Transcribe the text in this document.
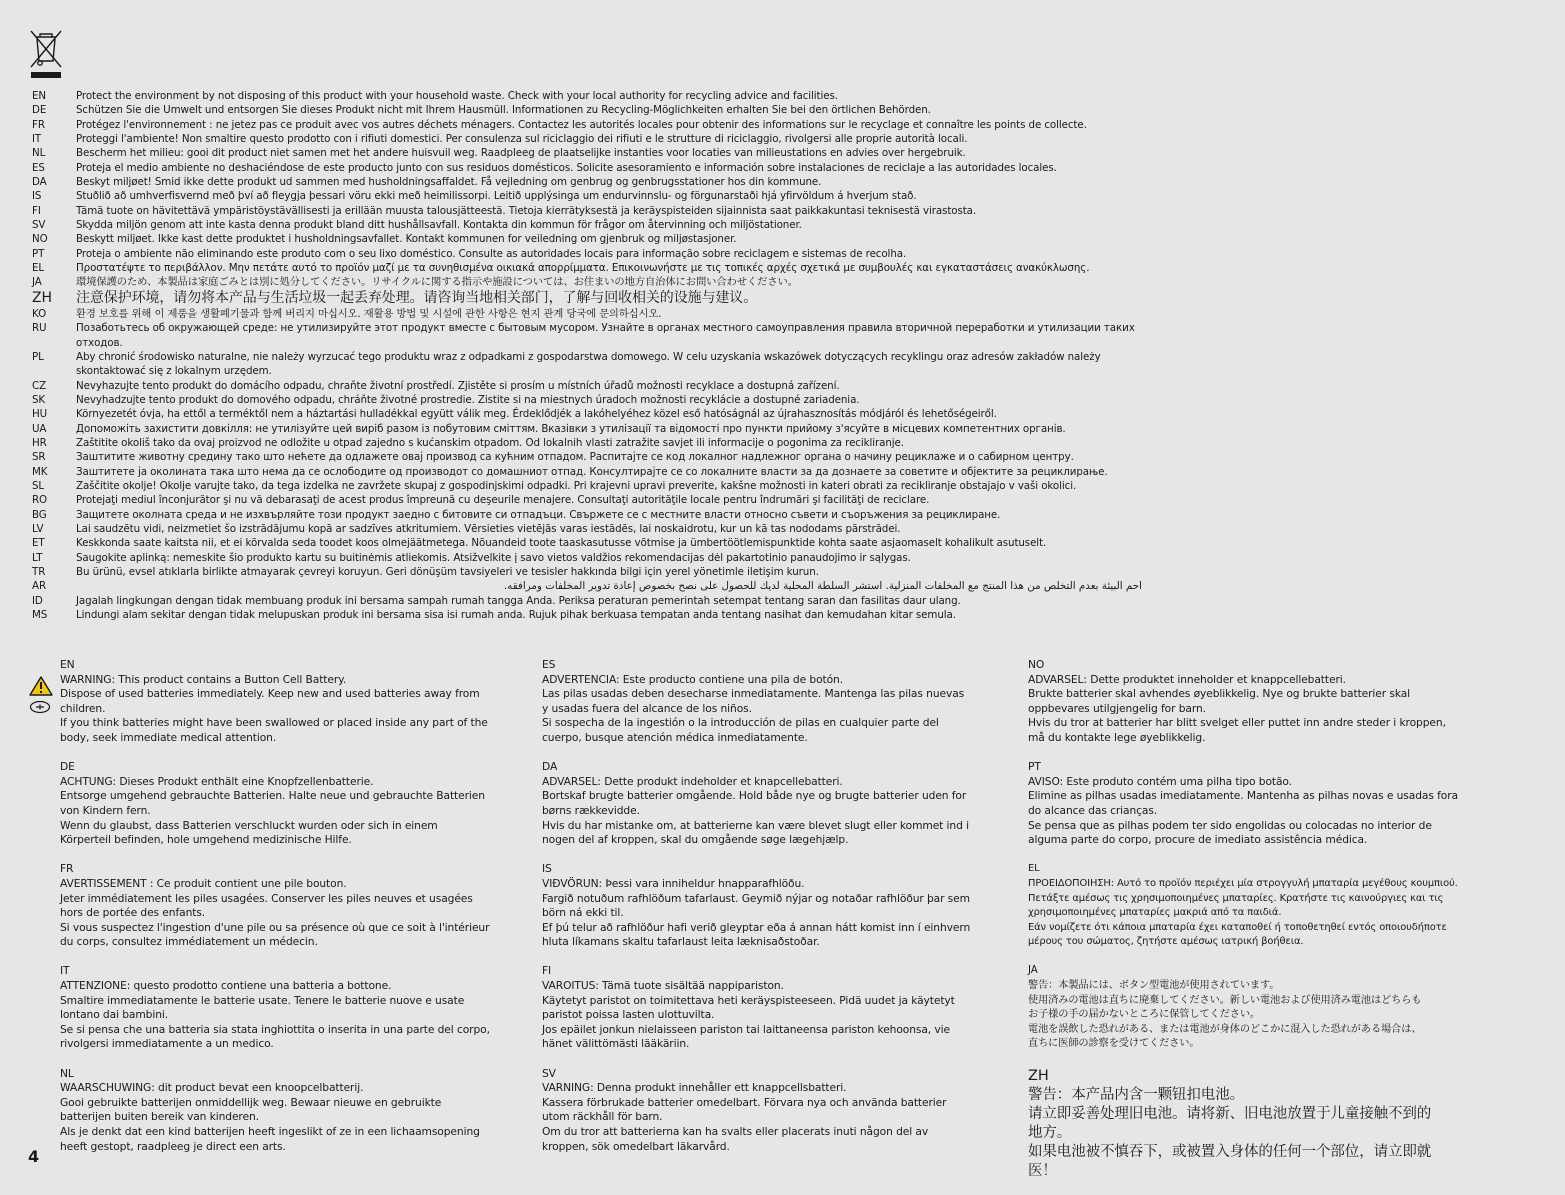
EN	Protect the environment by not disposing of this product with your household waste. Check with your local authority for recycling advice and facilities.
DE	Schützen Sie die Umwelt und entsorgen Sie dieses Produkt nicht mit Ihrem Hausmüll. Informationen zu Recycling-Möglichkeiten erhalten Sie bei den örtlichen Behörden.
FR	Protégez l'environnement : ne jetez pas ce produit avec vos autres déchets ménagers. Contactez les autorités locales pour obtenir des informations sur le recyclage et connaître les points de collecte.
IT	Proteggi l'ambiente! Non smaltire questo prodotto con i rifiuti domestici. Per consulenza sul riciclaggio dei rifiuti e le strutture di riciclaggio, rivolgersi alle proprie autorità locali.
NL	Bescherm het milieu: gooi dit product niet samen met het andere huisvuil weg. Raadpleeg de plaatselijke instanties voor locaties van milieustations en advies over hergebruik.
ES	Proteja el medio ambiente no deshaciéndose de este producto junto con sus residuos domésticos. Solicite asesoramiento e información sobre instalaciones de reciclaje a las autoridades locales.
DA	Beskyt miljøet! Smid ikke dette produkt ud sammen med husholdningsaffaldet. Få vejledning om genbrug og genbrugsstationer hos din kommune.
IS	Stuðlið að umhverfisvernd með því að fleygja þessari vöru ekki með heimilissorpi. Leitið upplýsinga um endurvinnslu- og förgunarstaði hjá yfirvöldum á hverjum stað.
FI	Tämä tuote on hävitettävä ympäristöystävällisesti ja erillään muusta talousjätteestä. Tietoja kierrätyksestä ja keräyspisteiden sijainnista saat paikkakuntasi teknisestä virastosta.
SV	Skydda miljön genom att inte kasta denna produkt bland ditt hushållsavfall. Kontakta din kommun för frågor om återvinning och miljöstationer.
NO	Beskytt miljøet. Ikke kast dette produktet i husholdningsavfallet. Kontakt kommunen for veiledning om gjenbruk og miljøstasjoner.
PT	Proteja o ambiente não eliminando este produto com o seu lixo doméstico. Consulte as autoridades locais para informação sobre reciclagem e sistemas de recolha.
EL	Προστατέψτε το περιβάλλον. Μην πετάτε αυτό το προϊόν μαζί με τα συνηθισμένα οικιακά απορρίμματα. Επικοινωνήστε με τις τοπικές αρχές σχετικά με συμβουλές και εγκαταστάσεις ανακύκλωσης.
JA	環境保護のため、本製品は家庭ごみとは別に処分してください。リサイクルに関する指示や施設については、お住まいの地方自治体にお問い合わせください。
ZH	注意保护环境，请勿将本产品与生活垃圾一起丢弃处理。请咨询当地相关部门，了解与回收相关的设施与建议。
KO	환경 보호를 위해 이 제품을 생활폐기물과 함께 버리지 마십시오. 재활용 방법 및 시설에 관한 사항은 현지 관계 당국에 문의하십시오.
RU	Позаботьтесь об окружающей среде: не утилизируйте этот продукт вместе с бытовым мусором. Узнайте в органах местного самоуправления правила вторичной переработки и утилизации таких отходов.
PL	Aby chronić środowisko naturalne, nie należy wyrzucać tego produktu wraz z odpadkami z gospodarstwa domowego. W celu uzyskania wskazówek dotyczących recyklingu oraz adresów zakładów należy skontaktować się z lokalnym urzędem.
CZ	Nevyhazujte tento produkt do domácího odpadu, chraňte životní prostředí. Zjistěte si prosím u místních úřadů možnosti recyklace a dostupná zařízení.
SK	Nevyhadzujte tento produkt do domového odpadu, chráňte životné prostredie. Zistite si na miestnych úradoch možnosti recyklácie a dostupné zariadenia.
HU	Környezetét óvja, ha ettől a terméktől nem a háztartási hulladékkal együtt válik meg. Érdeklődjék a lakóhelyéhez közel eső hatóságnál az újrahasznosítás módjáról és lehetőségeiről.
UA	Допоможіть захистити довкілля: не утилізуйте цей виріб разом із побутовим сміттям. Вказівки з утилізації та відомості про пункти прийому з'ясуйте в місцевих компетентних органів.
HR	Zaštitite okoliš tako da ovaj proizvod ne odložite u otpad zajedno s kućanskim otpadom. Od lokalnih vlasti zatražite savjet ili informacije o pogonima za recikliranje.
SR	Заштитите животну средину тако што нећете да одлажете овај производ са кућним отпадом. Распитајте се код локалног надлежног органа о начину рециклаже и о сабирном центру.
MK	Заштитете ја околината така што нема да се ослободите од производот со домашниот отпад. Консултирајте се со локалните власти за да дознаете за советите и објектите за рециклирање.
SL	Zaščitite okolje! Okolje varujte tako, da tega izdelka ne zavržete skupaj z gospodinjskimi odpadki. Pri krajevni upravi preverite, kakšne možnosti in kateri obrati za recikliranje obstajajo v vaši okolici.
RO	Protejaţi mediul înconjurător şi nu vă debarasaţi de acest produs împreună cu deşeurile menajere. Consultaţi autorităţile locale pentru îndrumări şi facilităţi de reciclare.
BG	Защитете околната среда и не изхвърляйте този продукт заедно с битовите си отпадъци. Свържете се с местните власти относно съвети и съоръжения за рециклиране.
LV	Lai saudzētu vidi, neizmetiet šo izstrādājumu kopā ar sadzīves atkritumiem. Vērsieties vietējās varas iestādēs, lai noskaidrotu, kur un kā tas nododams pārstrādei.
ET	Keskkonda saate kaitsta nii, et ei kõrvalda seda toodet koos olmejäätmetega. Nõuandeid toote taaskasutusse võtmise ja ümbertöötlemispunktide kohta saate asjaomaselt kohalikult asutuselt.
LT	Saugokite aplinką: nemeskite šio produkto kartu su buitinėmis atliekomis. Atsižvelkite į savo vietos valdžios rekomendacijas dėl pakartotinio panaudojimo ir sąlygas.
TR	Bu ürünü, evsel atıklarla birlikte atmayarak çevreyi koruyun. Geri dönüşüm tavsiyeleri ve tesisler hakkında bilgi için yerel yönetimle iletişim kurun.
AR	احم البيئة بعدم التخلص من هذا المنتج مع المخلفات المنزلية. استشر السلطة المحلية لديك للحصول على نصح بخصوص إعادة تدوير المخلفات ومرافقه.
ID	Jagalah lingkungan dengan tidak membuang produk ini bersama sampah rumah tangga Anda. Periksa peraturan pemerintah setempat tentang saran dan fasilitas daur ulang.
MS	Lindungi alam sekitar dengan tidak melupuskan produk ini bersama sisa isi rumah anda. Rujuk pihak berkuasa tempatan anda tentang nasihat dan kemudahan kitar semula.
EN
WARNING: This product contains a Button Cell Battery.
Dispose of used batteries immediately. Keep new and used batteries away from
children.
If you think batteries might have been swallowed or placed inside any part of the
body, seek immediate medical attention.
DE
ACHTUNG: Dieses Produkt enthält eine Knopfzellenbatterie.
Entsorge umgehend gebrauchte Batterien. Halte neue und gebrauchte Batterien
von Kindern fern.
Wenn du glaubst, dass Batterien verschluckt wurden oder sich in einem
Körperteil befinden, hole umgehend medizinische Hilfe.
FR
AVERTISSEMENT : Ce produit contient une pile bouton.
Jeter immédiatement les piles usagées. Conserver les piles neuves et usagées
hors de portée des enfants.
Si vous suspectez l'ingestion d'une pile ou sa présence où que ce soit à l'intérieur
du corps, consultez immédiatement un médecin.
IT
ATTENZIONE: questo prodotto contiene una batteria a bottone.
Smaltire immediatamente le batterie usate. Tenere le batterie nuove e usate
lontano dai bambini.
Se si pensa che una batteria sia stata inghiottita o inserita in una parte del corpo,
rivolgersi immediatamente a un medico.
NL
WAARSCHUWING: dit product bevat een knoopcelbatterij.
Gooi gebruikte batterijen onmiddellijk weg. Bewaar nieuwe en gebruikte
batterijen buiten bereik van kinderen.
Als je denkt dat een kind batterijen heeft ingeslikt of ze in een lichaamsopening
heeft gestopt, raadpleeg je direct een arts.
ES
ADVERTENCIA: Este producto contiene una pila de botón.
Las pilas usadas deben desecharse inmediatamente. Mantenga las pilas nuevas
y usadas fuera del alcance de los niños.
Si sospecha de la ingestión o la introducción de pilas en cualquier parte del
cuerpo, busque atención médica inmediatamente.
DA
ADVARSEL: Dette produkt indeholder et knapcellebatteri.
Bortskaf brugte batterier omgående. Hold både nye og brugte batterier uden for
børns rækkevidde.
Hvis du har mistanke om, at batterierne kan være blevet slugt eller kommet ind i
nogen del af kroppen, skal du omgående søge lægehjælp.
IS
VIÐVÖRUN: Þessi vara inniheldur hnapparafhlöðu.
Fargið notuðum rafhlöðum tafarlaust. Geymið nýjar og notaðar rafhlöður þar sem
börn ná ekki til.
Ef þú telur að rafhlöður hafi verið gleyptar eða á annan hátt komist inn í einhvern
hluta líkamans skaltu tafarlaust leita læknisaðstoðar.
FI
VAROITUS: Tämä tuote sisältää nappipariston.
Käytetyt paristot on toimitettava heti keräyspisteeseen. Pidä uudet ja käytetyt
paristot poissa lasten ulottuvilta.
Jos epäilet jonkun nielaisseen pariston tai laittaneensa pariston kehoonsa, vie
hänet välittömästi lääkäriin.
SV
VARNING: Denna produkt innehåller ett knappcellsbatteri.
Kassera förbrukade batterier omedelbart. Förvara nya och använda batterier
utom räckhåll för barn.
Om du tror att batterierna kan ha svalts eller placerats inuti någon del av
kroppen, sök omedelbart läkarvård.
NO
ADVARSEL: Dette produktet inneholder et knappcellebatteri.
Brukte batterier skal avhendes øyeblikkelig. Nye og brukte batterier skal
oppbevares utilgjengelig for barn.
Hvis du tror at batterier har blitt svelget eller puttet inn andre steder i kroppen,
må du kontakte lege øyeblikkelig.
PT
AVISO: Este produto contém uma pilha tipo botão.
Elimine as pilhas usadas imediatamente. Mantenha as pilhas novas e usadas fora
do alcance das crianças.
Se pensa que as pilhas podem ter sido engolidas ou colocadas no interior de
alguma parte do corpo, procure de imediato assistência médica.
EL
ΠΡΟΕΙΔΟΠΟΙΗΣΗ: Αυτό το προϊόν περιέχει μία στρογγυλή μπαταρία μεγέθους κουμπιού.
Πετάξτε αμέσως τις χρησιμοποιημένες μπαταρίες. Κρατήστε τις καινούργιες και τις
χρησιμοποιημένες μπαταρίες μακριά από τα παιδιά.
Εάν νομίζετε ότι κάποια μπαταρία έχει καταποθεί ή τοποθετηθεί εντός οποιουδήποτε
μέρους του σώματος, ζητήστε αμέσως ιατρική βοήθεια.
JA
警告：本製品には、ボタン型電池が使用されています。
使用済みの電池は直ちに廃棄してください。新しい電池および使用済み電池はどちらも
お子様の手の届かないところに保管してください。
電池を誤飲した恐れがある、または電池が身体のどこかに混入した恐れがある場合は、
直ちに医師の診察を受けてください。
ZH
警告：本产品内含一颗钮扣电池。
请立即妥善处理旧电池。请将新、旧电池放置于儿童接触不到的
地方。
如果电池被不慎吞下，或被置入身体的任何一个部位，请立即就
医！
4
